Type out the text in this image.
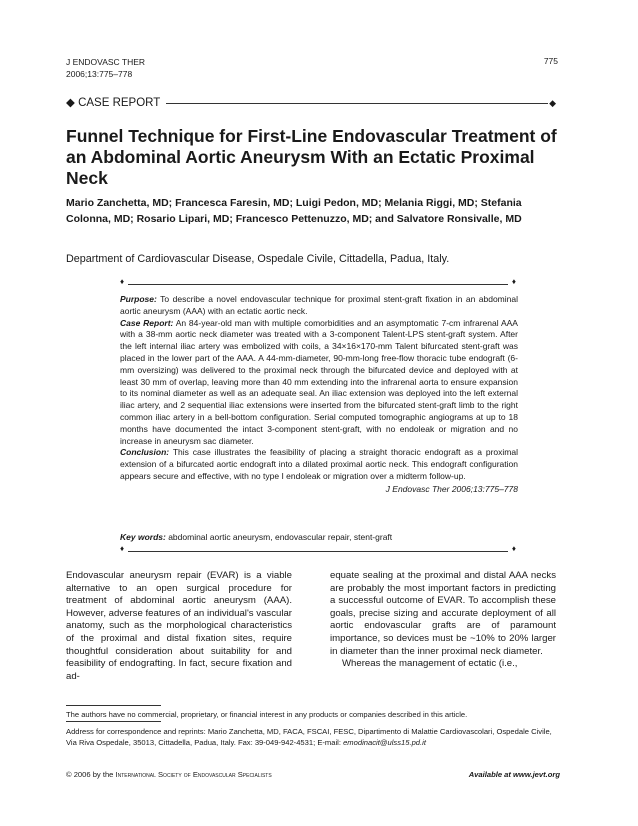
J ENDOVASC THER
2006;13:775–778
775
◆ CASE REPORT	◆
Funnel Technique for First-Line Endovascular Treatment of an Abdominal Aortic Aneurysm With an Ectatic Proximal Neck
Mario Zanchetta, MD; Francesca Faresin, MD; Luigi Pedon, MD; Melania Riggi, MD; Stefania Colonna, MD; Rosario Lipari, MD; Francesco Pettenuzzo, MD; and Salvatore Ronsivalle, MD
Department of Cardiovascular Disease, Ospedale Civile, Cittadella, Padua, Italy.
♦	♦

Purpose: To describe a novel endovascular technique for proximal stent-graft fixation in an abdominal aortic aneurysm (AAA) with an ectatic aortic neck.

Case Report: An 84-year-old man with multiple comorbidities and an asymptomatic 7-cm infrarenal AAA with a 38-mm aortic neck diameter was treated with a 3-component Talent-LPS stent-graft system. After the left internal iliac artery was embolized with coils, a 34×16×170-mm Talent bifurcated stent-graft was placed in the lower part of the AAA. A 44-mm-diameter, 90-mm-long free-flow thoracic tube endograft (6-mm oversizing) was delivered to the proximal neck through the bifurcated device and deployed with at least 30 mm of overlap, leaving more than 40 mm extending into the infrarenal aorta to ensure expansion to its nominal diameter as well as an adequate seal. An iliac extension was deployed into the left external iliac artery, and 2 sequential iliac extensions were inserted from the bifurcated stent-graft limb to the right common iliac artery in a bell-bottom configuration. Serial computed tomographic angiograms at up to 18 months have documented the intact 3-component stent-graft, with no endoleak or migration and no increase in aneurysm sac diameter.

Conclusion: This case illustrates the feasibility of placing a straight thoracic endograft as a proximal extension of a bifurcated aortic endograft into a dilated proximal aortic neck. This endograft configuration appears secure and effective, with no type I endoleak or migration over a midterm follow-up.

J Endovasc Ther 2006;13:775–778

Key words: abdominal aortic aneurysm, endovascular repair, stent-graft
♦	♦

Endovascular aneurysm repair (EVAR) is a viable alternative to an open surgical procedure for treatment of abdominal aortic aneurysm (AAA). However, adverse features of an individual's vascular anatomy, such as the morphological characteristics of the proximal and distal fixation sites, require thoughtful consideration about suitability for and feasibility of endografting. In fact, secure fixation and ad-

equate sealing at the proximal and distal AAA necks are probably the most important factors in predicting a successful outcome of EVAR. To accomplish these goals, precise sizing and accurate deployment of all aortic endovascular grafts are of paramount importance, so devices must be ~10% to 20% larger in diameter than the inner proximal neck diameter.

Whereas the management of ectatic (i.e.,

The authors have no commercial, proprietary, or financial interest in any products or companies described in this article.
Address for correspondence and reprints: Mario Zanchetta, MD, FACA, FSCAI, FESC, Dipartimento di Malattie Cardiovascolari, Ospedale Civile, Via Riva Ospedale, 35013, Cittadella, Padua, Italy. Fax: 39-049-942-4531; E-mail: emodinacit@ulss15.pd.it
© 2006 by the International Society of Endovascular Specialists	Available at www.jevt.org
